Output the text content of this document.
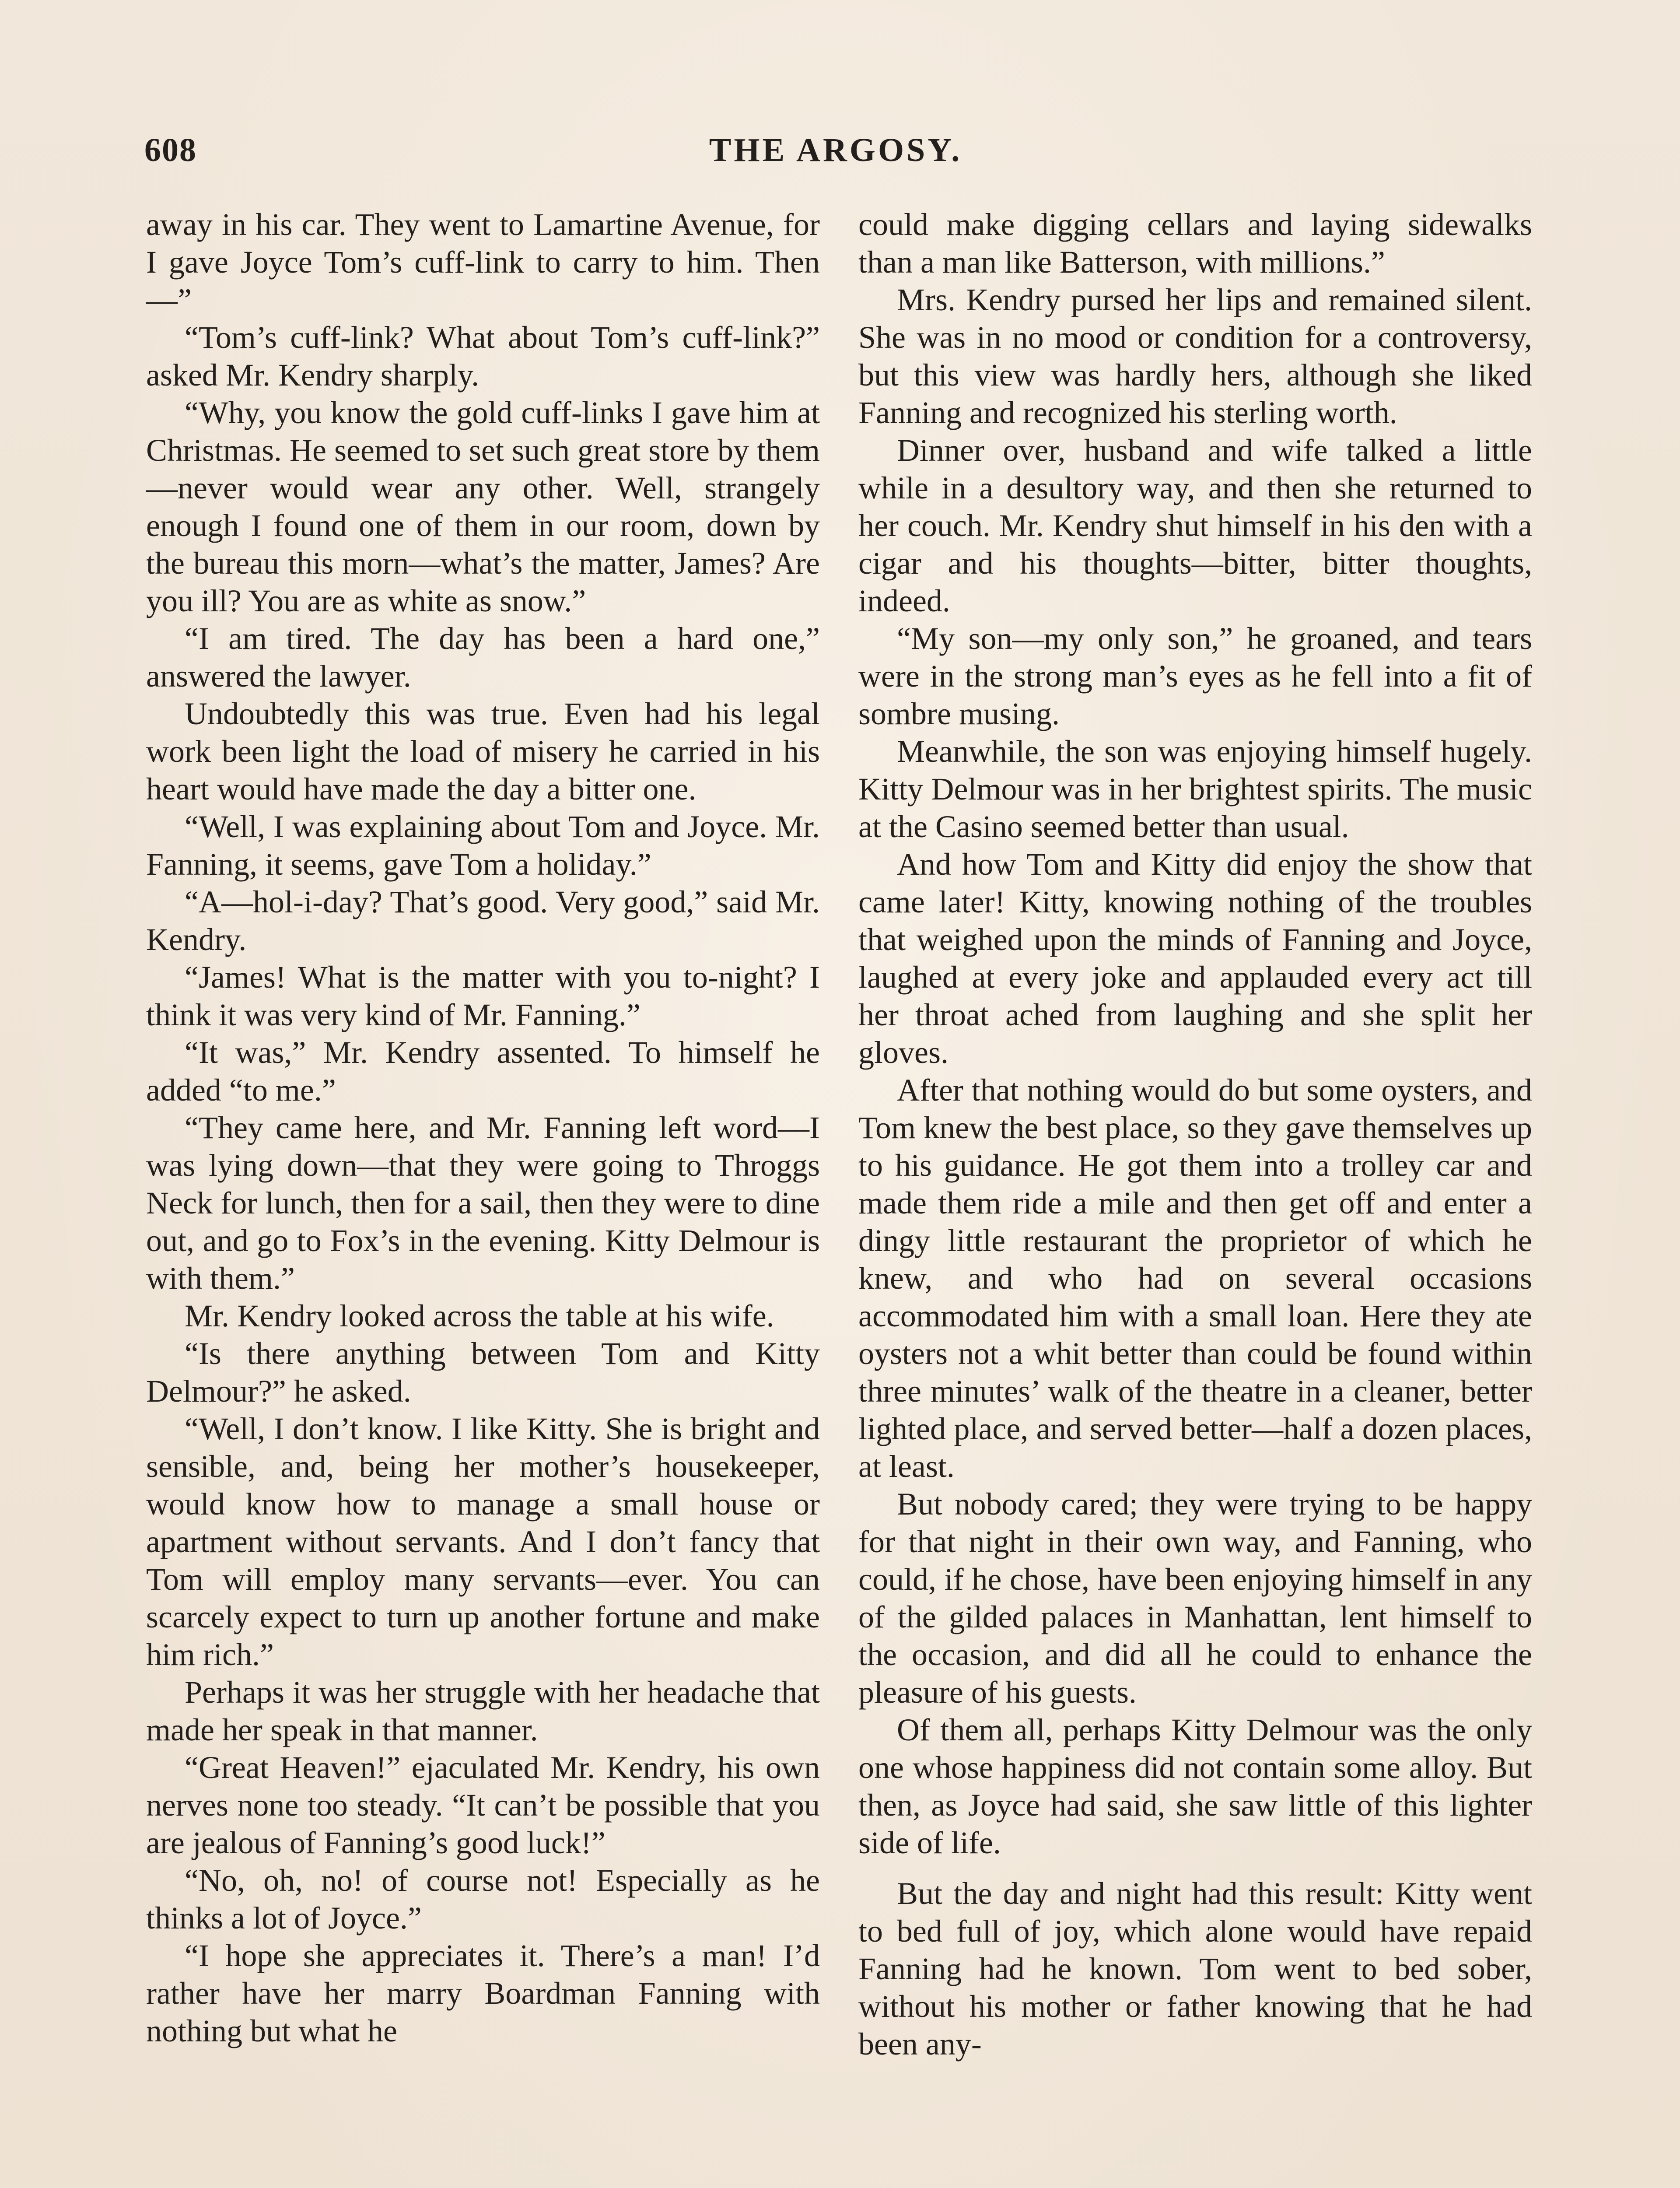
608	THE ARGOSY.

away in his car. They went to Lamartine Avenue, for I gave Joyce Tom’s cuff-link to carry to him. Then—”

“Tom’s cuff-link? What about Tom’s cuff-link?” asked Mr. Kendry sharply.

“Why, you know the gold cuff-links I gave him at Christmas. He seemed to set such great store by them—never would wear any other. Well, strangely enough I found one of them in our room, down by the bureau this morn—what’s the matter, James? Are you ill? You are as white as snow.”

“I am tired. The day has been a hard one,” answered the lawyer.

Undoubtedly this was true. Even had his legal work been light the load of misery he carried in his heart would have made the day a bitter one.

“Well, I was explaining about Tom and Joyce. Mr. Fanning, it seems, gave Tom a holiday.”

“A—hol-i-day? That’s good. Very good,” said Mr. Kendry.

“James! What is the matter with you to-night? I think it was very kind of Mr. Fanning.”

“It was,” Mr. Kendry assented. To himself he added “to me.”

“They came here, and Mr. Fanning left word—I was lying down—that they were going to Throggs Neck for lunch, then for a sail, then they were to dine out, and go to Fox’s in the evening. Kitty Delmour is with them.”

Mr. Kendry looked across the table at his wife.

“Is there anything between Tom and Kitty Delmour?” he asked.

“Well, I don’t know. I like Kitty. She is bright and sensible, and, being her mother’s housekeeper, would know how to manage a small house or apartment without servants. And I don’t fancy that Tom will employ many servants—ever. You can scarcely expect to turn up another fortune and make him rich.”

Perhaps it was her struggle with her headache that made her speak in that manner.

“Great Heaven!” ejaculated Mr. Kendry, his own nerves none too steady. “It can’t be possible that you are jealous of Fanning’s good luck!”

“No, oh, no! of course not! Especially as he thinks a lot of Joyce.”

“I hope she appreciates it. There’s a man! I’d rather have her marry Boardman Fanning with nothing but what he

could make digging cellars and laying sidewalks than a man like Batterson, with millions.”

Mrs. Kendry pursed her lips and remained silent. She was in no mood or condition for a controversy, but this view was hardly hers, although she liked Fanning and recognized his sterling worth.

Dinner over, husband and wife talked a little while in a desultory way, and then she returned to her couch. Mr. Kendry shut himself in his den with a cigar and his thoughts—bitter, bitter thoughts, indeed.

“My son—my only son,” he groaned, and tears were in the strong man’s eyes as he fell into a fit of sombre musing.

Meanwhile, the son was enjoying himself hugely. Kitty Delmour was in her brightest spirits. The music at the Casino seemed better than usual.

And how Tom and Kitty did enjoy the show that came later! Kitty, knowing nothing of the troubles that weighed upon the minds of Fanning and Joyce, laughed at every joke and applauded every act till her throat ached from laughing and she split her gloves.

After that nothing would do but some oysters, and Tom knew the best place, so they gave themselves up to his guidance. He got them into a trolley car and made them ride a mile and then get off and enter a dingy little restaurant the proprietor of which he knew, and who had on several occasions accommodated him with a small loan. Here they ate oysters not a whit better than could be found within three minutes’ walk of the theatre in a cleaner, better lighted place, and served better—half a dozen places, at least.

But nobody cared; they were trying to be happy for that night in their own way, and Fanning, who could, if he chose, have been enjoying himself in any of the gilded palaces in Manhattan, lent himself to the occasion, and did all he could to enhance the pleasure of his guests.

Of them all, perhaps Kitty Delmour was the only one whose happiness did not contain some alloy. But then, as Joyce had said, she saw little of this lighter side of life.

But the day and night had this result: Kitty went to bed full of joy, which alone would have repaid Fanning had he known. Tom went to bed sober, without his mother or father knowing that he had been any-
